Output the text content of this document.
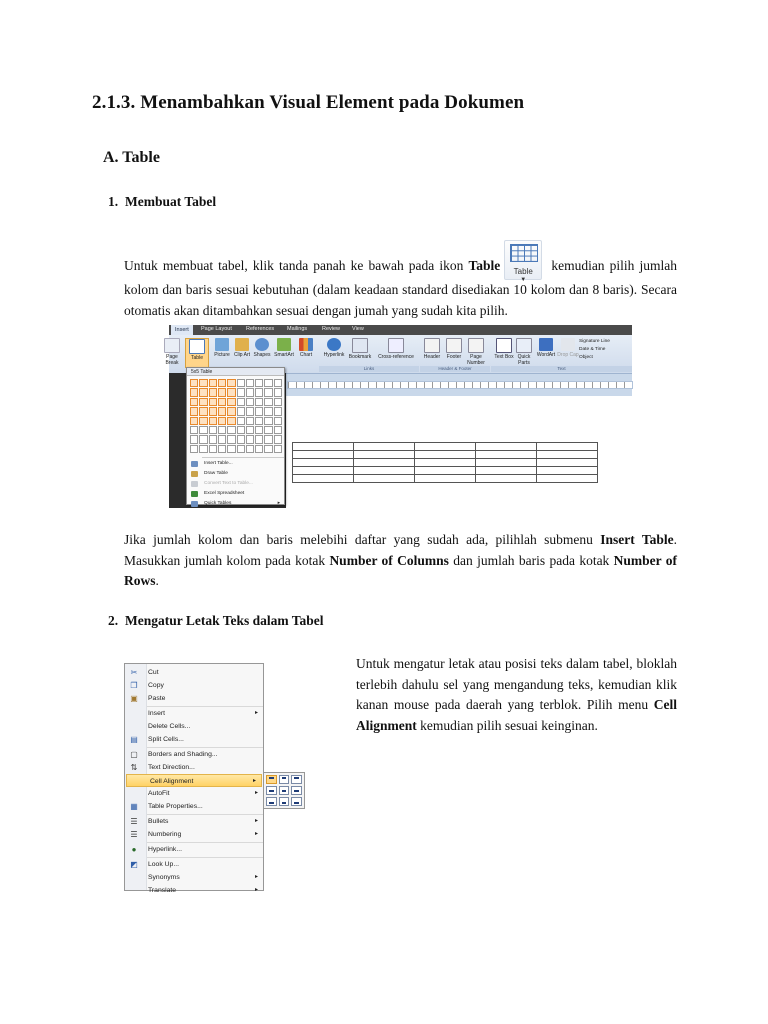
2.1.3. Menambahkan Visual Element pada Dokumen
A. Table
1. Membuat Tabel

Untuk membuat tabel, klik tanda panah ke bawah pada ikon Table	Table
▼
kemudian pilih jumlah kolom dan baris sesuai kebutuhan (dalam keadaan standard disediakan 10 kolom dan 8 baris). Secara otomatis akan ditambahkan sesuai dengan jumah yang sudah kita pilih.

Insert	Page Layout	References Mailings	Review View
Page Break
Table	Picture Clip Art Shapes SmartArt	Chart	Hyperlink Bookmark	Cross-reference	Header	Footer	Page Number
Text Box Quick Parts
WordArt Drop Cap
Signature Line
Date & Time
Object
Links	Header & Footer	Text

5x5 Table
Insert Table...
Draw Table
Convert Text to Table...
Excel Spreadsheet
Quick Tables	▸

Jika jumlah kolom dan baris melebihi daftar yang sudah ada, pilihlah submenu Insert Table. Masukkan jumlah kolom pada kotak Number of Columns dan jumlah baris pada kotak Number of Rows.

2. Mengatur Letak Teks dalam Tabel
✂ Cut
❐ Copy
▣ Paste
Insert	▸
Delete Cells...
▤ Split Cells...
▢ Borders and Shading...
⇅ Text Direction...
Cell Alignment	▸
AutoFit	▸
▦ Table Properties...
☰ Bullets	▸
☰ Numbering	▸
●	Hyperlink...
◩ Look Up...
Synonyms	▸
Translate	▸

Untuk mengatur letak atau posisi teks dalam tabel, bloklah terlebih dahulu sel yang mengandung teks, kemudian klik kanan mouse pada daerah yang terblok. Pilih menu Cell Alignment kemudian pilih sesuai keinginan.
